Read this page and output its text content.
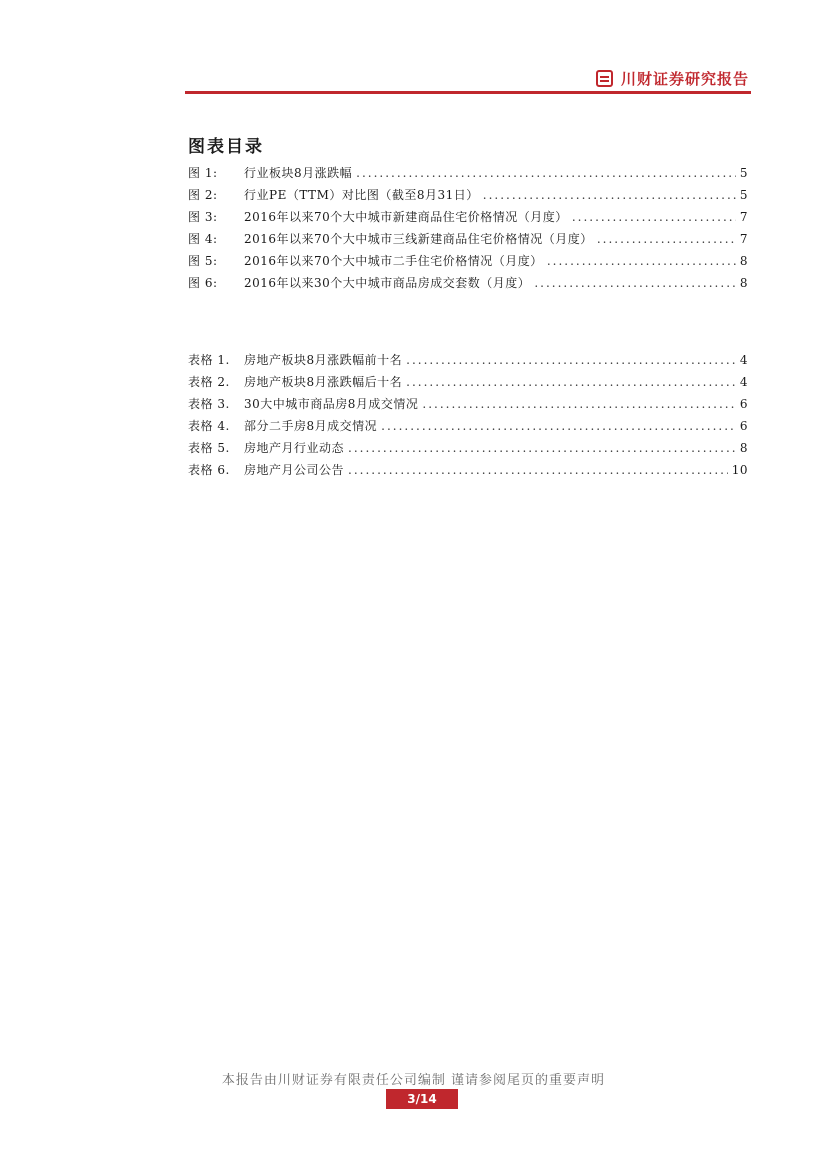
川财证券研究报告
图表目录
图 1:	行业板块8月涨跌幅 .....	5
图 2:	行业PE（TTM）对比图（截至8月31日） .....	5
图 3:	2016年以来70个大中城市新建商品住宅价格情况（月度） .....	7
图 4:	2016年以来70个大中城市三线新建商品住宅价格情况（月度） .....	7
图 5:	2016年以来70个大中城市二手住宅价格情况（月度） .....	8
图 6:	2016年以来30个大中城市商品房成交套数（月度） .....	8
表格 1.	房地产板块8月涨跌幅前十名 .....	4
表格 2.	房地产板块8月涨跌幅后十名 .....	4
表格 3.	30大中城市商品房8月成交情况 .....	6
表格 4.	部分二手房8月成交情况 .....	6
表格 5.	房地产月行业动态 .....	8
表格 6.	房地产月公司公告 .....	10
本报告由川财证券有限责任公司编制 谨请参阅尾页的重要声明
3/14
